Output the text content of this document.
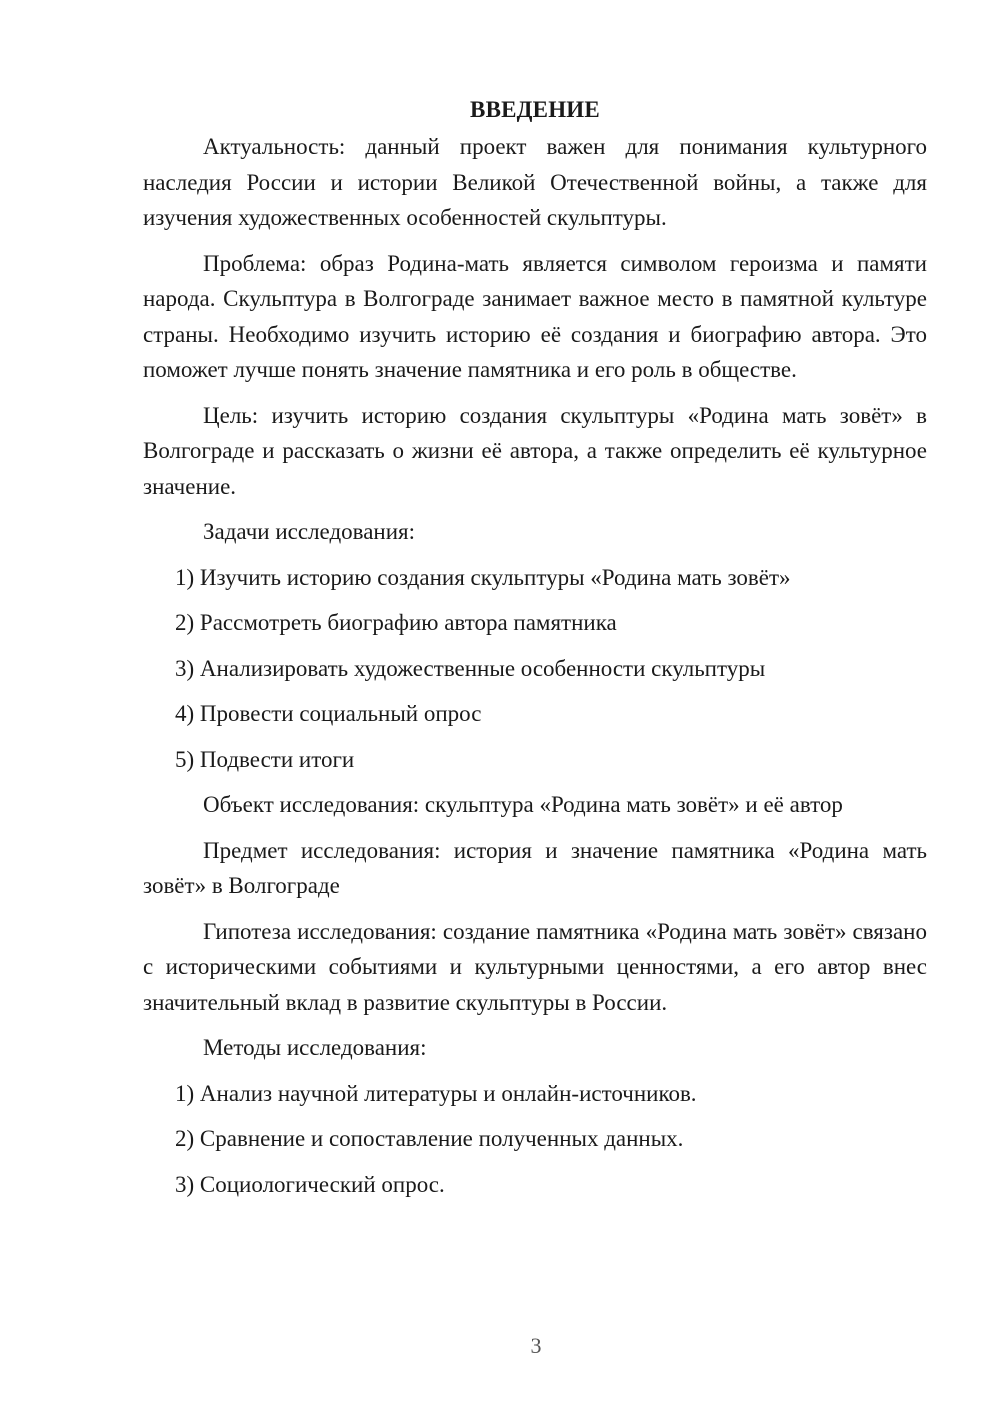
ВВЕДЕНИЕ

Актуальность: данный проект важен для понимания культурного наследия России и истории Великой Отечественной войны, а также для изучения художественных особенностей скульптуры.

Проблема: образ Родина-мать является символом героизма и памяти народа. Скульптура в Волгограде занимает важное место в памятной культуре страны. Необходимо изучить историю её создания и биографию автора. Это поможет лучше понять значение памятника и его роль в обществе.

Цель: изучить историю создания скульптуры «Родина мать зовёт» в Волгограде и рассказать о жизни её автора, а также определить её культурное значение.

Задачи исследования:

1) Изучить историю создания скульптуры «Родина мать зовёт»
2) Рассмотреть биографию автора памятника
3) Анализировать художественные особенности скульптуры
4) Провести социальный опрос
5) Подвести итоги

Объект исследования: скульптура «Родина мать зовёт» и её автор

Предмет исследования: история и значение памятника «Родина мать зовёт» в Волгограде

Гипотеза исследования: создание памятника «Родина мать зовёт» связано с историческими событиями и культурными ценностями, а его автор внес значительный вклад в развитие скульптуры в России.

Методы исследования:

1) Анализ научной литературы и онлайн-источников.
2) Сравнение и сопоставление полученных данных.
3) Социологический опрос.
3
